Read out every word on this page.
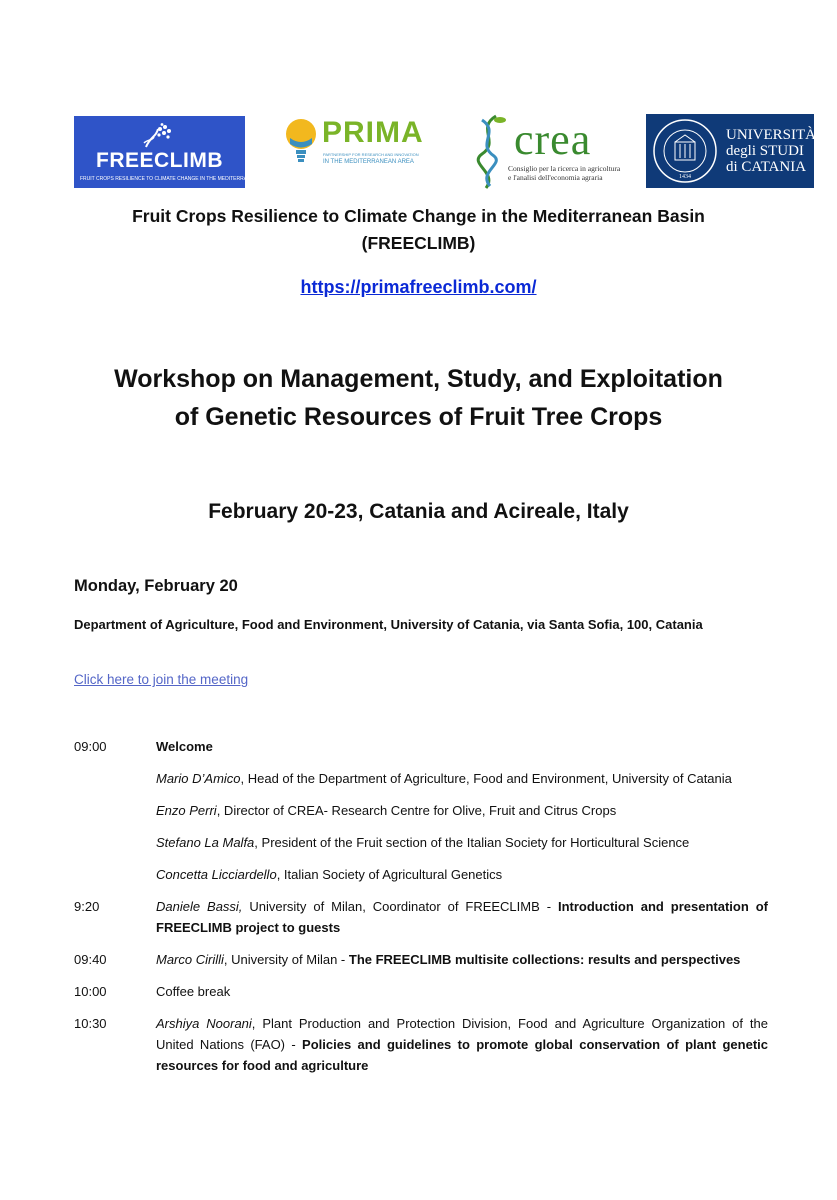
FREECLIMB
FRUIT CROPS RESILIENCE TO CLIMATE CHANGE IN THE MEDITERRANEAN BASIN
PRIMA
PARTNERSHIP FOR RESEARCH AND INNOVATION
IN THE MEDITERRANEAN AREA crea
Consiglio per la ricerca in agricoltura
e l'analisi dell'economia agraria	1434
UNIVERSITÀ
degli STUDI
di CATANIA
Fruit Crops Resilience to Climate Change in the Mediterranean Basin
(FREECLIMB)
https://primafreeclimb.com/
Workshop on Management, Study, and Exploitation
of Genetic Resources of Fruit Tree Crops
February 20-23, Catania and Acireale, Italy
Monday, February 20
Department of Agriculture, Food and Environment, University of Catania, via Santa Sofia, 100, Catania
Click here to join the meeting
09:00	Welcome
Mario D’Amico, Head of the Department of Agriculture, Food and Environment, University of Catania
Enzo Perri, Director of CREA- Research Centre for Olive, Fruit and Citrus Crops
Stefano La Malfa, President of the Fruit section of the Italian Society for Horticultural Science
Concetta Licciardello, Italian Society of Agricultural Genetics
9:20	Daniele Bassi, University of Milan, Coordinator of FREECLIMB - Introduction and presentation of FREECLIMB project to guests
09:40	Marco Cirilli, University of Milan - The FREECLIMB multisite collections: results and perspectives
10:00	Coffee break
10:30	Arshiya Noorani, Plant Production and Protection Division, Food and Agriculture Organization of the United Nations (FAO) - Policies and guidelines to promote global conservation of plant genetic resources for food and agriculture
